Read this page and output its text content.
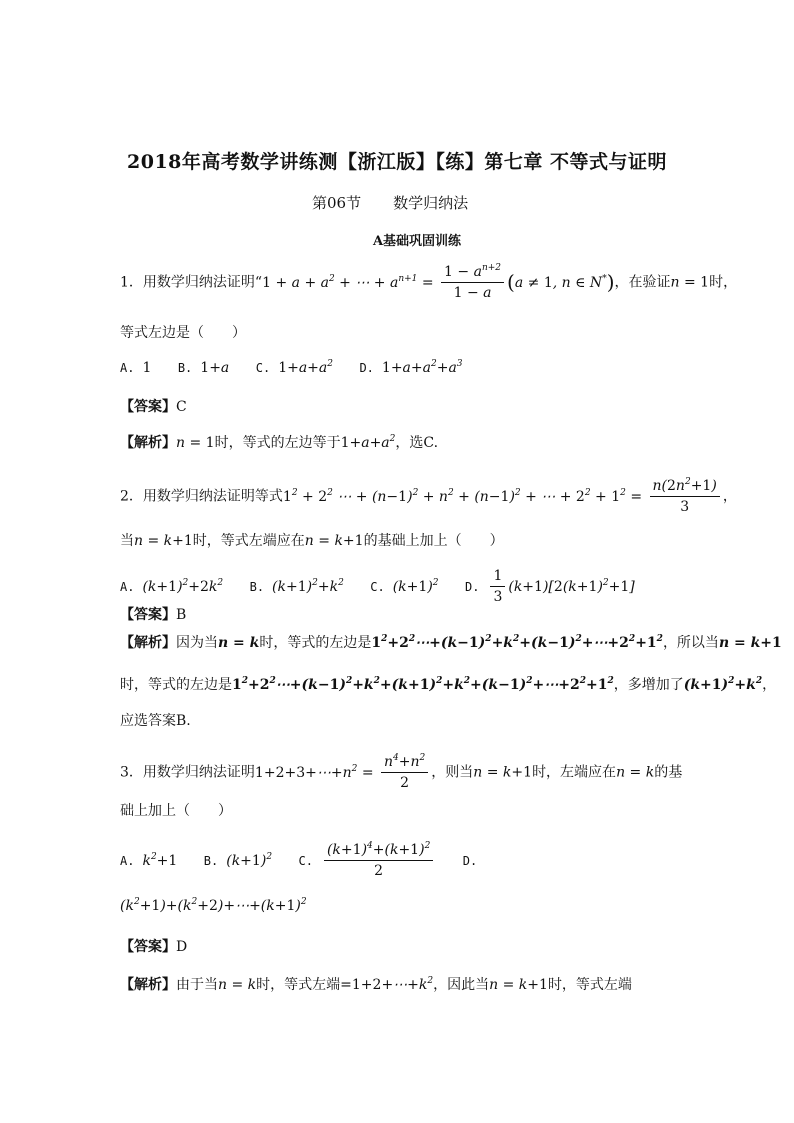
2018年高考数学讲练测【浙江版】【练】第七章 不等式与证明
第06节 数学归纳法
A基础巩固训练
1．用数学归纳法证明“$1 + a + a^2$ + ⋯ + $a^{n+1} = \frac{1 - a^{n+2}}{1 - a} (a \ne 1$, n ∈ N*)，在验证n = 1时，
等式左边是（　　）
A. 1 B. 1+a C. $1+a+a^2$ D. $1+a+a^2+a^3$
【答案】C
【解析】n = 1时，等式的左边等于$1+a+a^2$，选C.
2．用数学归纳法证明等式$1^2 + 2^2$ ⋯ + $(n-1)^2 + n^2 + (n-1)^2$ + ⋯ + $2^2 + 1^2 = \frac{n(2n^2+1)}{3}$ ，
当n = k+1时，等式左端应在n = k+1的基础上加上（　　）
A. $(k+1)^2+2k^2$ B. $(k+1)^2+k^2$ C. $(k+1)^2$ D. $\frac{1}{3} (k+1)[2(k+1)^2+1]$
【答案】B
【解析】因为当n = k时，等式的左边是$1^2+2^2\cdots+(k-1)^2+k^2+(k-1)^2+\cdots+2^2+1^2$，所以当n = k+1
时，等式的左边是$1^2+2^2\cdots+(k-1)^2+k^2+(k+1)^2+k^2+(k-1)^2+\cdots+2^2+1^2$，多增加了$(k+1)^2+k^2$，
应选答案B.
3．用数学归纳法证明$1+2+3+\cdots+n^2 = \frac{n^4+n^2}{2}$ ，则当n = k+1时，左端应在n = k的基
础上加上（　　）
A. $k^2+1$ B. $(k+1)^2$ C. $\frac{(k+1)^4+(k+1)^2}{2} D$.
$(k^2+1)+(k^2+2)+\cdots+(k+1)^2$
【答案】D
【解析】由于当n = k时，等式左端$=1+2+\cdots+k^2$，因此当n = k+1时，等式左端
